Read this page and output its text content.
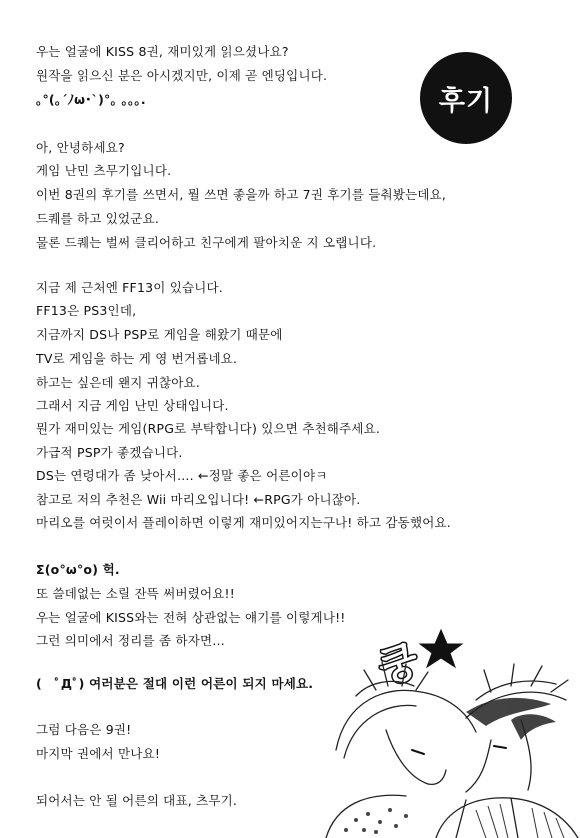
후기
우는 얼굴에 KISS 8권, 재미있게 읽으셨나요?
원작을 읽으신 분은 아시겠지만, 이제 곧 엔딩입니다.
｡°(｡´ﾉω･`)°｡ ｡｡｡.
아, 안녕하세요?
게임 난민 츠무기입니다.
이번 8권의 후기를 쓰면서, 뭘 쓰면 좋을까 하고 7권 후기를 들춰봤는데요,
드퀘를 하고 있었군요.
물론 드퀘는 벌써 클리어하고 친구에게 팔아치운 지 오랩니다.
지금 제 근처엔 FF13이 있습니다.
FF13은 PS3인데,
지금까지 DS나 PSP로 게임을 해왔기 때문에
TV로 게임을 하는 게 영 번거롭네요.
하고는 싶은데 왠지 귀찮아요.
그래서 지금 게임 난민 상태입니다.
뭔가 재미있는 게임(RPG로 부탁합니다) 있으면 추천해주세요.
가급적 PSP가 좋겠습니다.
DS는 연령대가 좀 낮아서…. ←정말 좋은 어른이야ㅋ
참고로 저의 추천은 Wii 마리오입니다! ←RPG가 아니잖아.
마리오를 여럿이서 플레이하면 이렇게 재미있어지는구나! 하고 감동했어요.
Σ(o°ω°o) 헉.
또 쓸데없는 소릴 잔뜩 써버렸어요!!
우는 얼굴에 KISS와는 전혀 상관없는 얘기를 이렇게나!!
그런 의미에서 정리를 좀 하자면…
(　ﾟДﾟ) 여러분은 절대 이런 어른이 되지 마세요.
그럼 다음은 9권!
마지막 권에서 만나요!
되어서는 안 될 어른의 대표, 츠무기.
쿵
